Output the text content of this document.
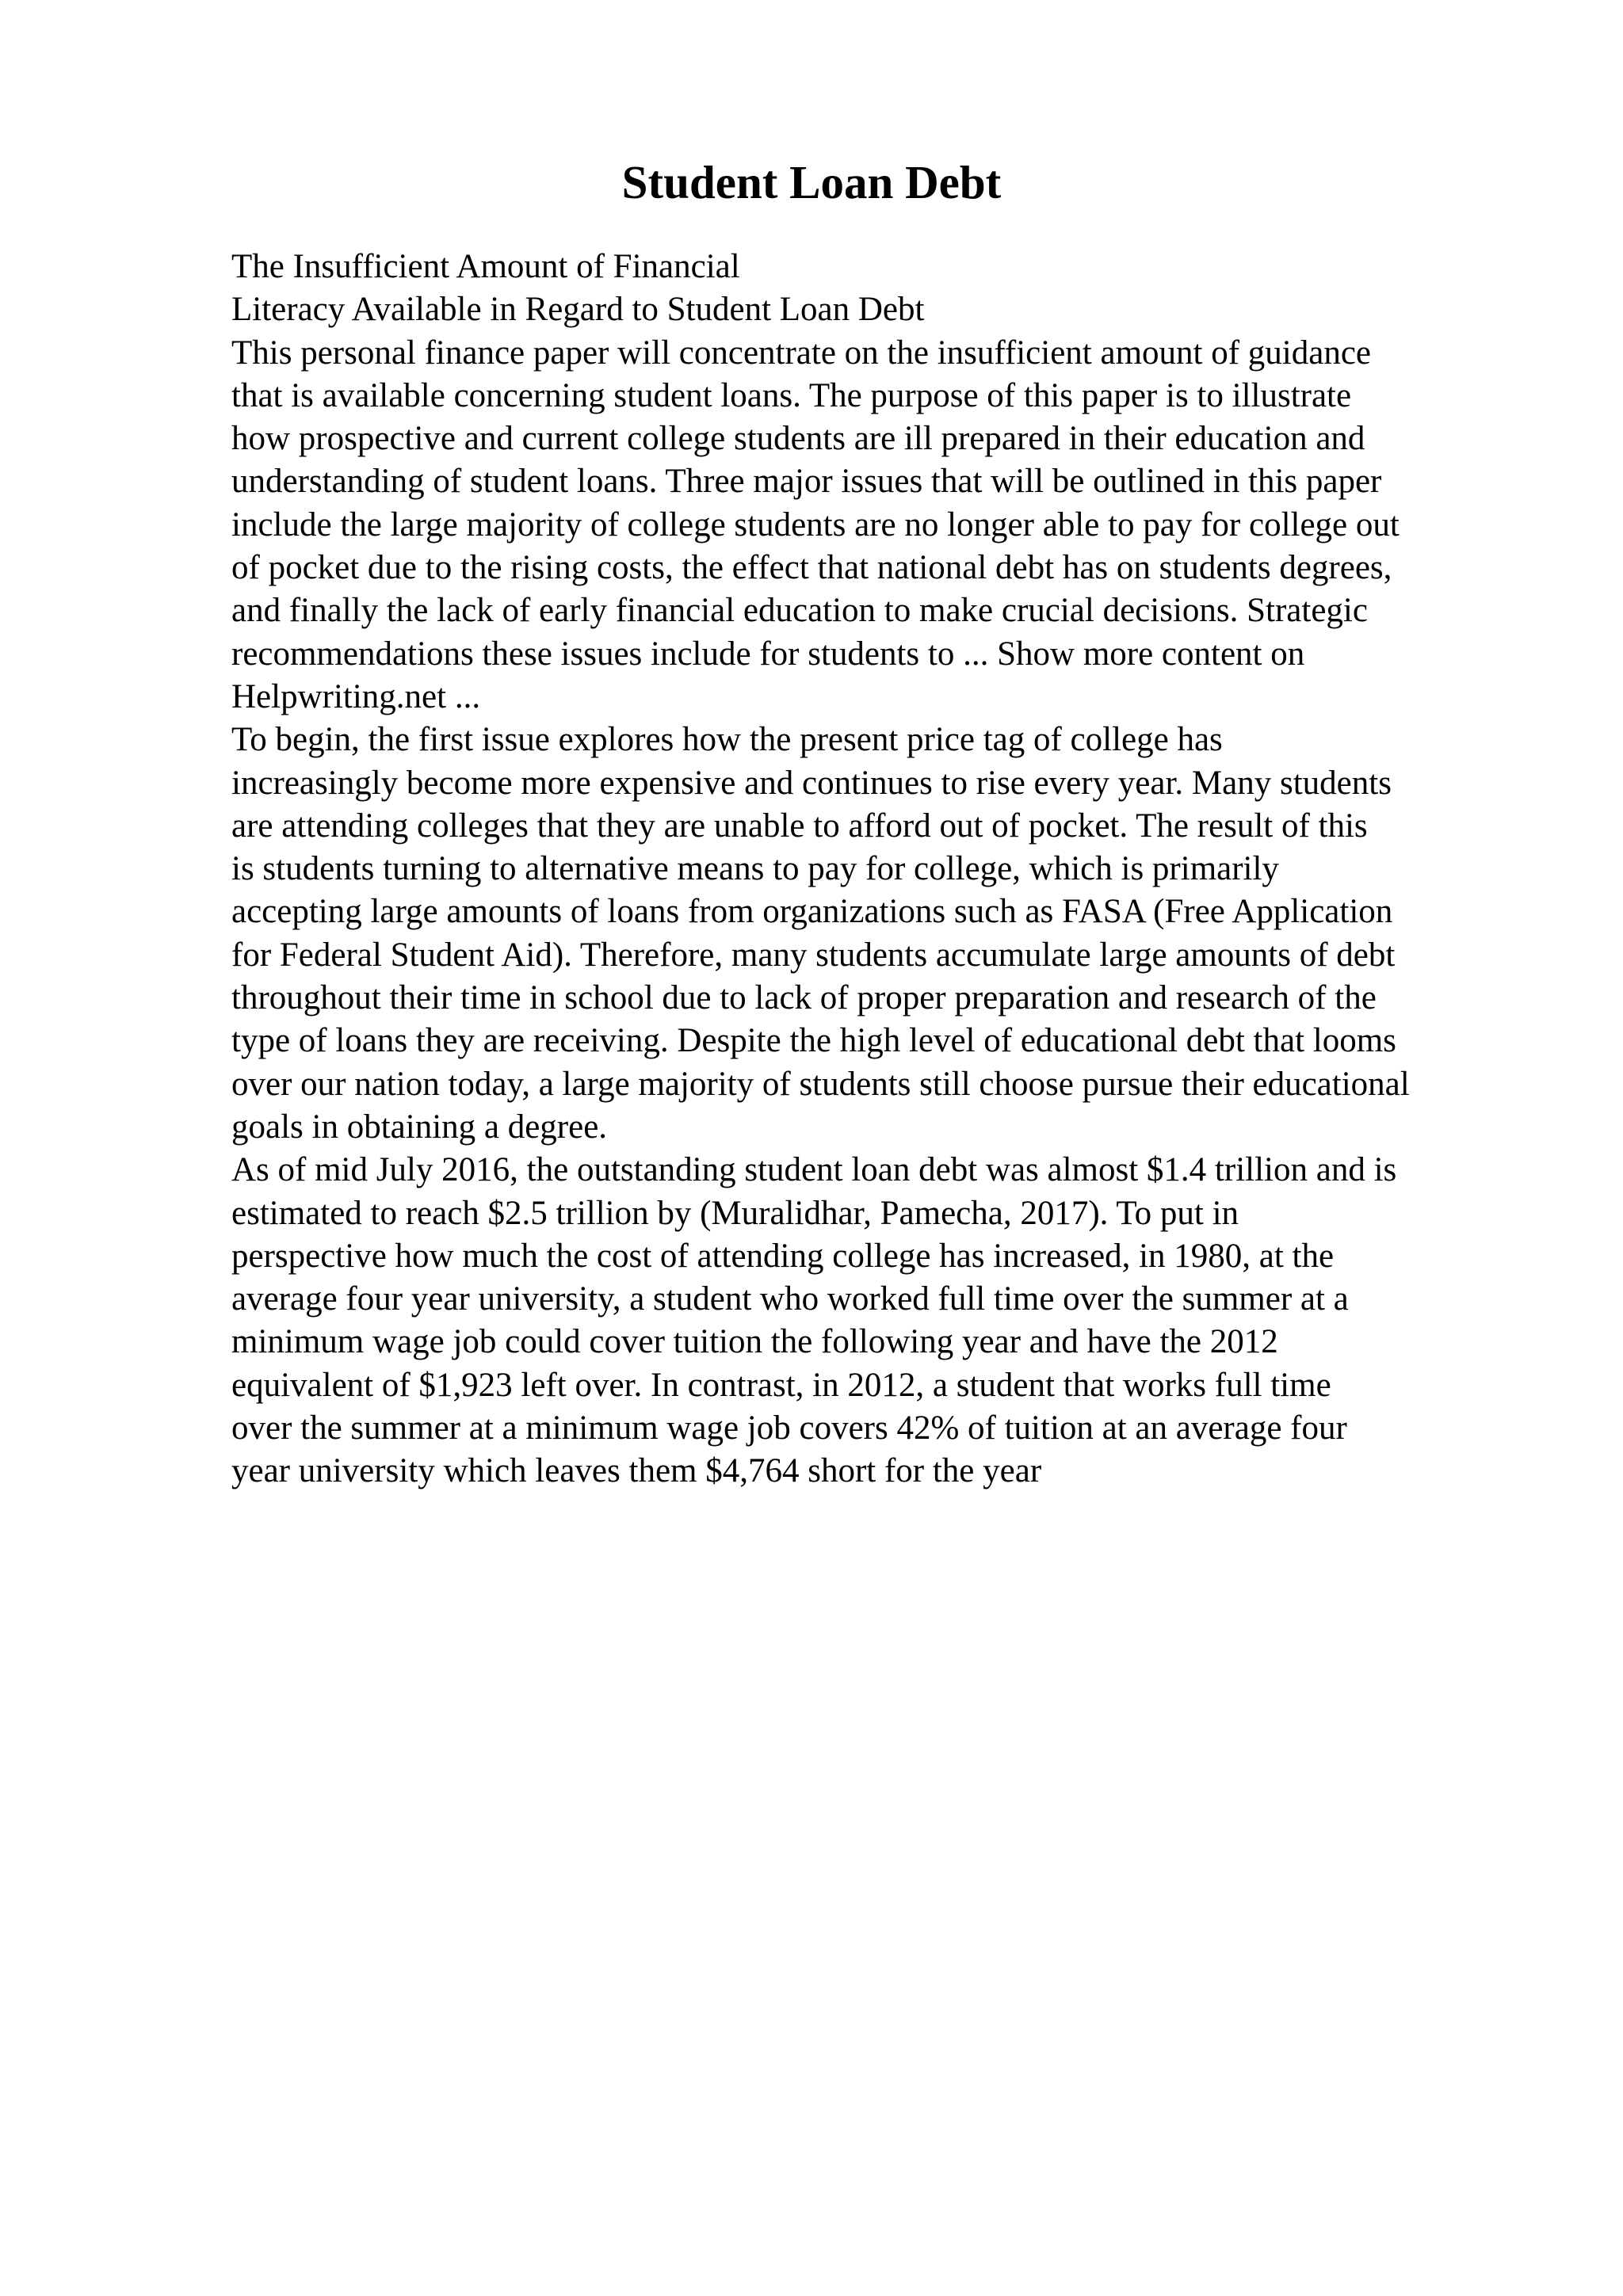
Student Loan Debt
The Insufficient Amount of Financial
Literacy Available in Regard to Student Loan Debt
This personal finance paper will concentrate on the insufficient amount of guidance
that is available concerning student loans. The purpose of this paper is to illustrate
how prospective and current college students are ill prepared in their education and
understanding of student loans. Three major issues that will be outlined in this paper
include the large majority of college students are no longer able to pay for college out
of pocket due to the rising costs, the effect that national debt has on students degrees,
and finally the lack of early financial education to make crucial decisions. Strategic
recommendations these issues include for students to ... Show more content on
Helpwriting.net ...
To begin, the first issue explores how the present price tag of college has
increasingly become more expensive and continues to rise every year. Many students
are attending colleges that they are unable to afford out of pocket. The result of this
is students turning to alternative means to pay for college, which is primarily
accepting large amounts of loans from organizations such as FASA (Free Application
for Federal Student Aid). Therefore, many students accumulate large amounts of debt
throughout their time in school due to lack of proper preparation and research of the
type of loans they are receiving. Despite the high level of educational debt that looms
over our nation today, a large majority of students still choose pursue their educational
goals in obtaining a degree.
As of mid July 2016, the outstanding student loan debt was almost $1.4 trillion and is
estimated to reach $2.5 trillion by (Muralidhar, Pamecha, 2017). To put in
perspective how much the cost of attending college has increased, in 1980, at the
average four year university, a student who worked full time over the summer at a
minimum wage job could cover tuition the following year and have the 2012
equivalent of $1,923 left over. In contrast, in 2012, a student that works full time
over the summer at a minimum wage job covers 42% of tuition at an average four
year university which leaves them $4,764 short for the year
